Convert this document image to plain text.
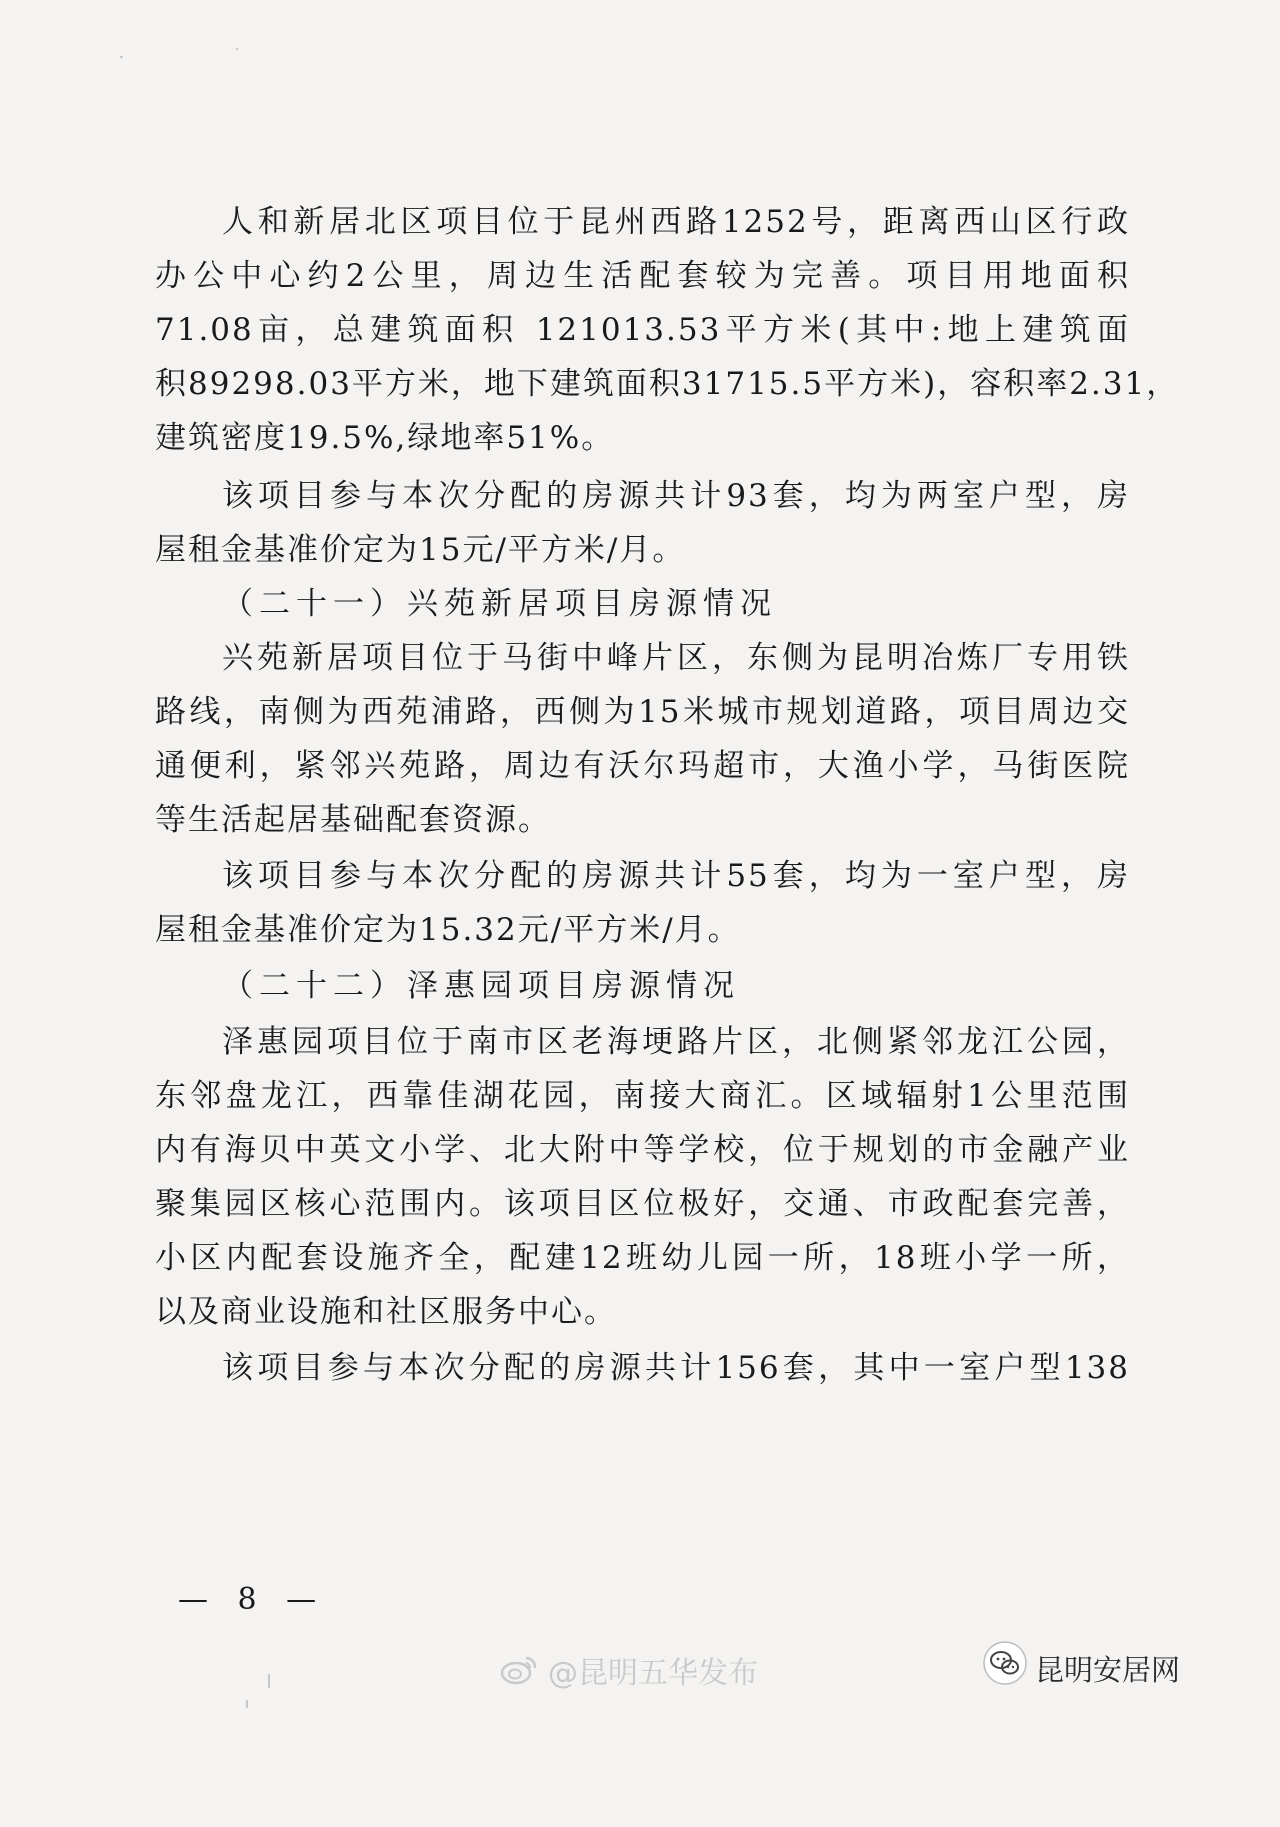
人和新居北区项目位于昆州西路1252号，距离西山区行政
办公中心约2公里，周边生活配套较为完善。项目用地面积
71.08亩，总建筑面积 121013.53平方米(其中:地上建筑面
积89298.03平方米，地下建筑面积31715.5平方米)，容积率2.31，
建筑密度19.5%,绿地率51%。
该项目参与本次分配的房源共计93套，均为两室户型，房
屋租金基准价定为15元/平方米/月。
（二十一）兴苑新居项目房源情况
兴苑新居项目位于马街中峰片区，东侧为昆明冶炼厂专用铁
路线，南侧为西苑浦路，西侧为15米城市规划道路，项目周边交
通便利，紧邻兴苑路，周边有沃尔玛超市，大渔小学，马街医院
等生活起居基础配套资源。
该项目参与本次分配的房源共计55套，均为一室户型，房
屋租金基准价定为15.32元/平方米/月。
（二十二）泽惠园项目房源情况
泽惠园项目位于南市区老海埂路片区，北侧紧邻龙江公园，
东邻盘龙江，西靠佳湖花园，南接大商汇。区域辐射1公里范围
内有海贝中英文小学、北大附中等学校，位于规划的市金融产业
聚集园区核心范围内。该项目区位极好，交通、市政配套完善，
小区内配套设施齐全，配建12班幼儿园一所，18班小学一所，
以及商业设施和社区服务中心。
该项目参与本次分配的房源共计156套，其中一室户型138
— 8 —
@昆明五华发布	昆明安居网
